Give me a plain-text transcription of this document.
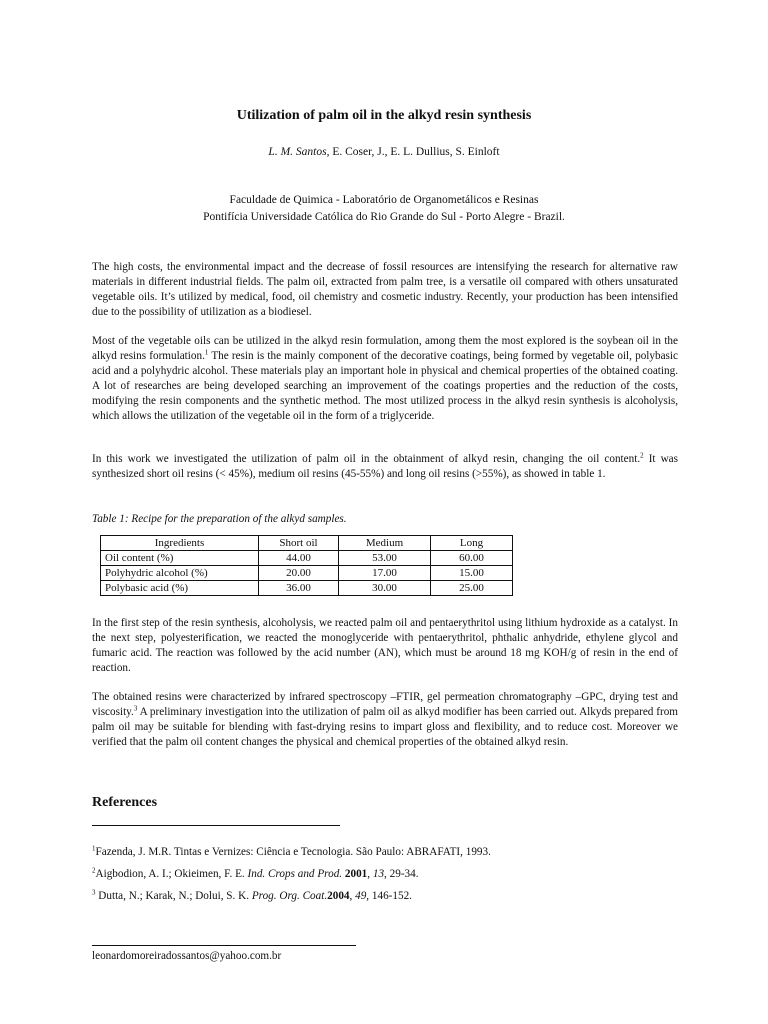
Utilization of palm oil in the alkyd resin synthesis
L. M. Santos, E. Coser, J., E. L. Dullius, S. Einloft
Faculdade de Quimica - Laboratório de Organometálicos e Resinas
Pontifícia Universidade Católica do Rio Grande do Sul - Porto Alegre - Brazil.

The high costs, the environmental impact and the decrease of fossil resources are intensifying the research for alternative raw materials in different industrial fields. The palm oil, extracted from palm tree, is a versatile oil compared with others unsaturated vegetable oils. It’s utilized by medical, food, oil chemistry and cosmetic industry. Recently, your production has been intensified due to the possibility of utilization as a biodiesel.

Most of the vegetable oils can be utilized in the alkyd resin formulation, among them the most explored is the soybean oil in the alkyd resins formulation.$^1$ The resin is the mainly component of the decorative coatings, being formed by vegetable oil, polybasic acid and a polyhydric alcohol. These materials play an important hole in physical and chemical properties of the obtained coating. A lot of researches are being developed searching an improvement of the coatings properties and the reduction of the costs, modifying the resin components and the synthetic method. The most utilized process in the alkyd resin synthesis is alcoholysis, which allows the utilization of the vegetable oil in the form of a triglyceride.

In this work we investigated the utilization of palm oil in the obtainment of alkyd resin, changing the oil content.$^2$ It was synthesized short oil resins (< 45%), medium oil resins (45-55%) and long oil resins (>55%), as showed in table 1.

Table 1: Recipe for the preparation of the alkyd samples.
Ingredients	Short oil	Medium	Long
Oil content (%)	44.00	53.00	60.00
Polyhydric alcohol (%)	20.00	17.00	15.00
Polybasic acid (%)	36.00	30.00	25.00

In the first step of the resin synthesis, alcoholysis, we reacted palm oil and pentaerythritol using lithium hydroxide as a catalyst. In the next step, polyesterification, we reacted the monoglyceride with pentaerythritol, phthalic anhydride, ethylene glycol and fumaric acid. The reaction was followed by the acid number (AN), which must be around 18 mg KOH/g of resin in the end of reaction.

The obtained resins were characterized by infrared spectroscopy –FTIR, gel permeation chromatography –GPC, drying test and viscosity.$^3$ A preliminary investigation into the utilization of palm oil as alkyd modifier has been carried out. Alkyds prepared from palm oil may be suitable for blending with fast-drying resins to impart gloss and flexibility, and to reduce cost. Moreover we verified that the palm oil content changes the physical and chemical properties of the obtained alkyd resin.

References
$^1$Fazenda, J. M.R. Tintas e Vernizes: Ciência e Tecnologia. São Paulo: ABRAFATI, 1993.
$^2$Aigbodion, A. I.; Okieimen, F. E. Ind. Crops and Prod. 2001, 13, 29-34.
$^3$ Dutta, N.; Karak, N.; Dolui, S. K. Prog. Org. Coat.2004, 49, 146-152.
leonardomoreiradossantos@yahoo.com.br
